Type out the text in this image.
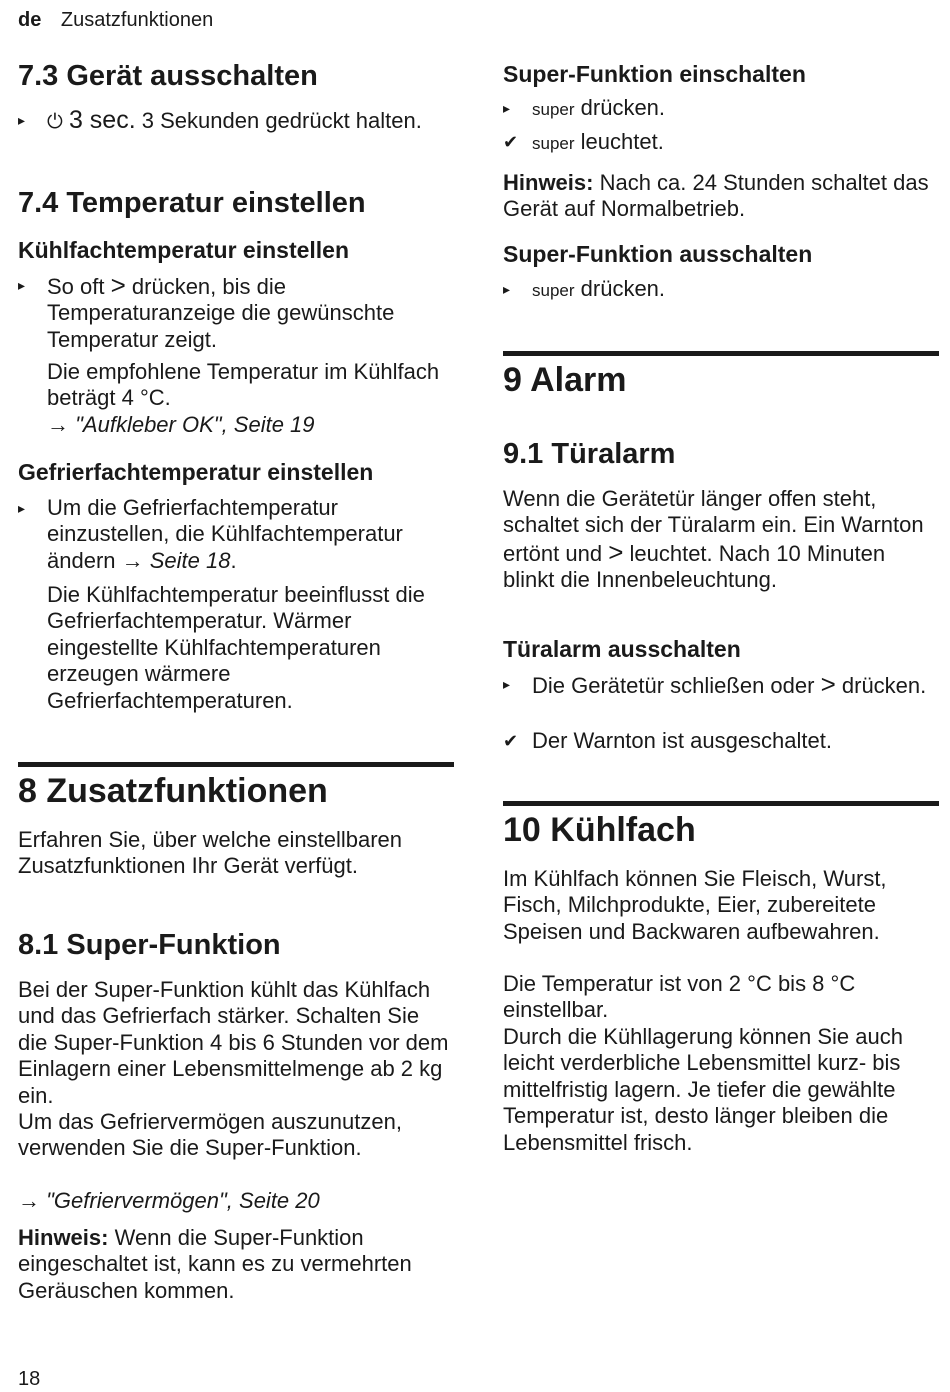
de Zusatzfunktionen
7.3 Gerät ausschalten
▸	⏻ 3 sec. 3 Sekunden gedrückt halten.
7.4 Temperatur einstellen
Kühlfachtemperatur einstellen
▸ So oft > drücken, bis die Temperaturanzeige die gewünschte Temperatur zeigt.
Die empfohlene Temperatur im Kühlfach beträgt 4 °C.
→ "Aufkleber OK", Seite 19
Gefrierfachtemperatur einstellen
▸ Um die Gefrierfachtemperatur einzustellen, die Kühlfachtemperatur ändern → Seite 18.
Die Kühlfachtemperatur beeinflusst die Gefrierfachtemperatur. Wärmer eingestellte Kühlfachtemperaturen erzeugen wärmere Gefrierfachtemperaturen.
8 Zusatzfunktionen
Erfahren Sie, über welche einstellbaren Zusatzfunktionen Ihr Gerät verfügt.
8.1 Super-Funktion
Bei der Super-Funktion kühlt das Kühlfach und das Gefrierfach stärker. Schalten Sie die Super-Funktion 4 bis 6 Stunden vor dem Einlagern einer Lebensmittelmenge ab 2 kg ein.
Um das Gefriervermögen auszunutzen, verwenden Sie die Super-Funktion.
→ "Gefriervermögen", Seite 20
Hinweis: Wenn die Super-Funktion eingeschaltet ist, kann es zu vermehrten Geräuschen kommen.
Super-Funktion einschalten
▸	super drücken.
✔ super leuchtet.
Hinweis: Nach ca. 24 Stunden schaltet das Gerät auf Normalbetrieb.
Super-Funktion ausschalten
▸	super drücken.
9 Alarm
9.1 Türalarm
Wenn die Gerätetür länger offen steht, schaltet sich der Türalarm ein. Ein Warnton ertönt und > leuchtet. Nach 10 Minuten blinkt die Innenbeleuchtung.
Türalarm ausschalten
▸ Die Gerätetür schließen oder > drücken.
✔ Der Warnton ist ausgeschaltet.
10 Kühlfach
Im Kühlfach können Sie Fleisch, Wurst, Fisch, Milchprodukte, Eier, zubereitete Speisen und Backwaren aufbewahren.
Die Temperatur ist von 2 °C bis 8 °C einstellbar.
Durch die Kühllagerung können Sie auch leicht verderbliche Lebensmittel kurz- bis mittelfristig lagern. Je tiefer die gewählte Temperatur ist, desto länger bleiben die Lebensmittel frisch.
18
